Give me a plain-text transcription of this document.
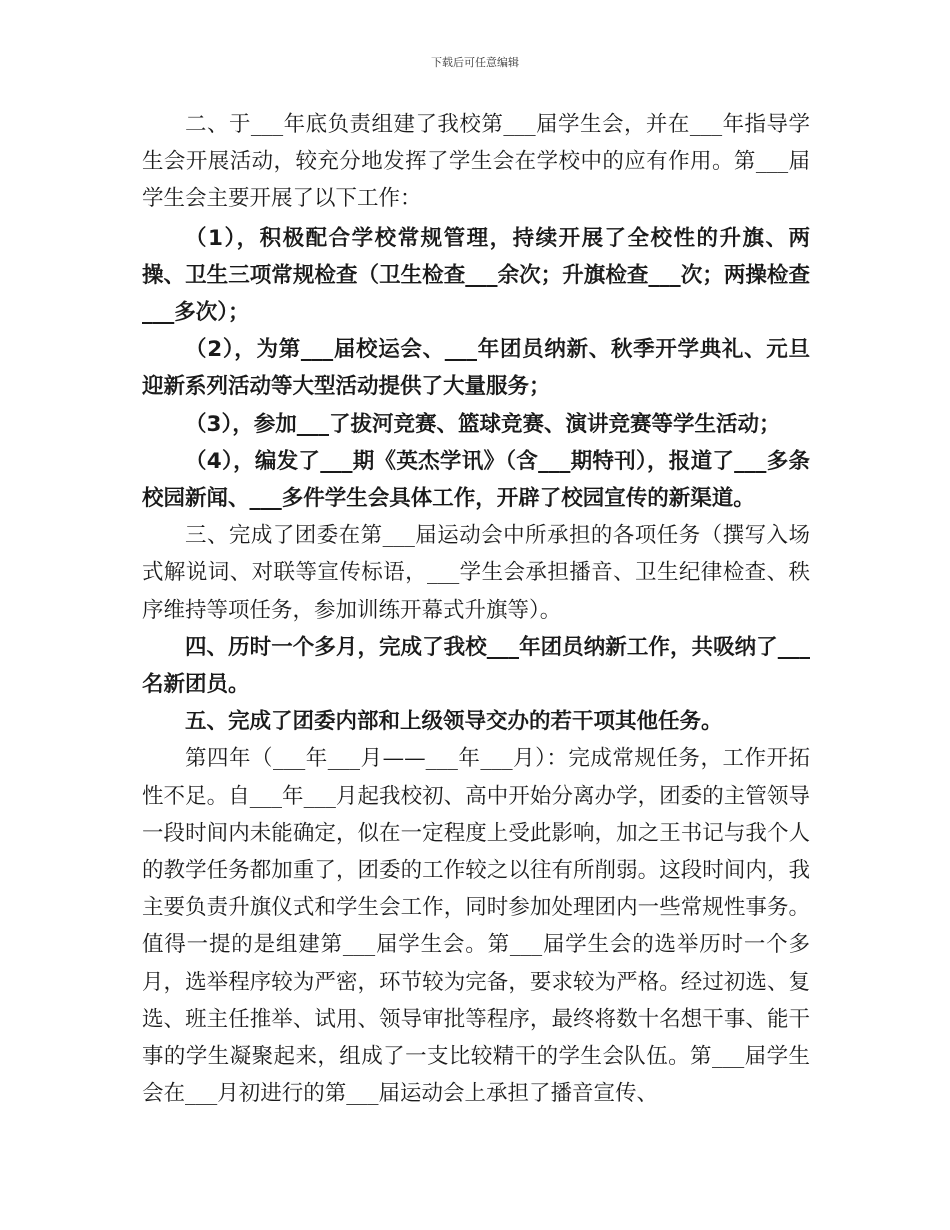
下载后可任意编辑

二、于___年底负责组建了我校第___届学生会，并在___年指导学生会开展活动，较充分地发挥了学生会在学校中的应有作用。第___届学生会主要开展了以下工作：

（1），积极配合学校常规管理，持续开展了全校性的升旗、两操、卫生三项常规检查（卫生检查___余次；升旗检查___次；两操检查___多次）；

（2），为第___届校运会、___年团员纳新、秋季开学典礼、元旦迎新系列活动等大型活动提供了大量服务；

（3），参加___了拔河竞赛、篮球竞赛、演讲竞赛等学生活动；

（4），编发了___期《英杰学讯》（含___期特刊），报道了___多条校园新闻、___多件学生会具体工作，开辟了校园宣传的新渠道。

三、完成了团委在第___届运动会中所承担的各项任务（撰写入场式解说词、对联等宣传标语，___学生会承担播音、卫生纪律检查、秩序维持等项任务，参加训练开幕式升旗等）。

四、历时一个多月，完成了我校___年团员纳新工作，共吸纳了___名新团员。

五、完成了团委内部和上级领导交办的若干项其他任务。

第四年（___年___月——___年___月）：完成常规任务，工作开拓性不足。自___年___月起我校初、高中开始分离办学，团委的主管领导一段时间内未能确定，似在一定程度上受此影响，加之王书记与我个人的教学任务都加重了，团委的工作较之以往有所削弱。这段时间内，我主要负责升旗仪式和学生会工作，同时参加处理团内一些常规性事务。值得一提的是组建第___届学生会。第___届学生会的选举历时一个多月，选举程序较为严密，环节较为完备，要求较为严格。经过初选、复选、班主任推举、试用、领导审批等程序，最终将数十名想干事、能干事的学生凝聚起来，组成了一支比较精干的学生会队伍。第___届学生会在___月初进行的第___届运动会上承担了播音宣传、
